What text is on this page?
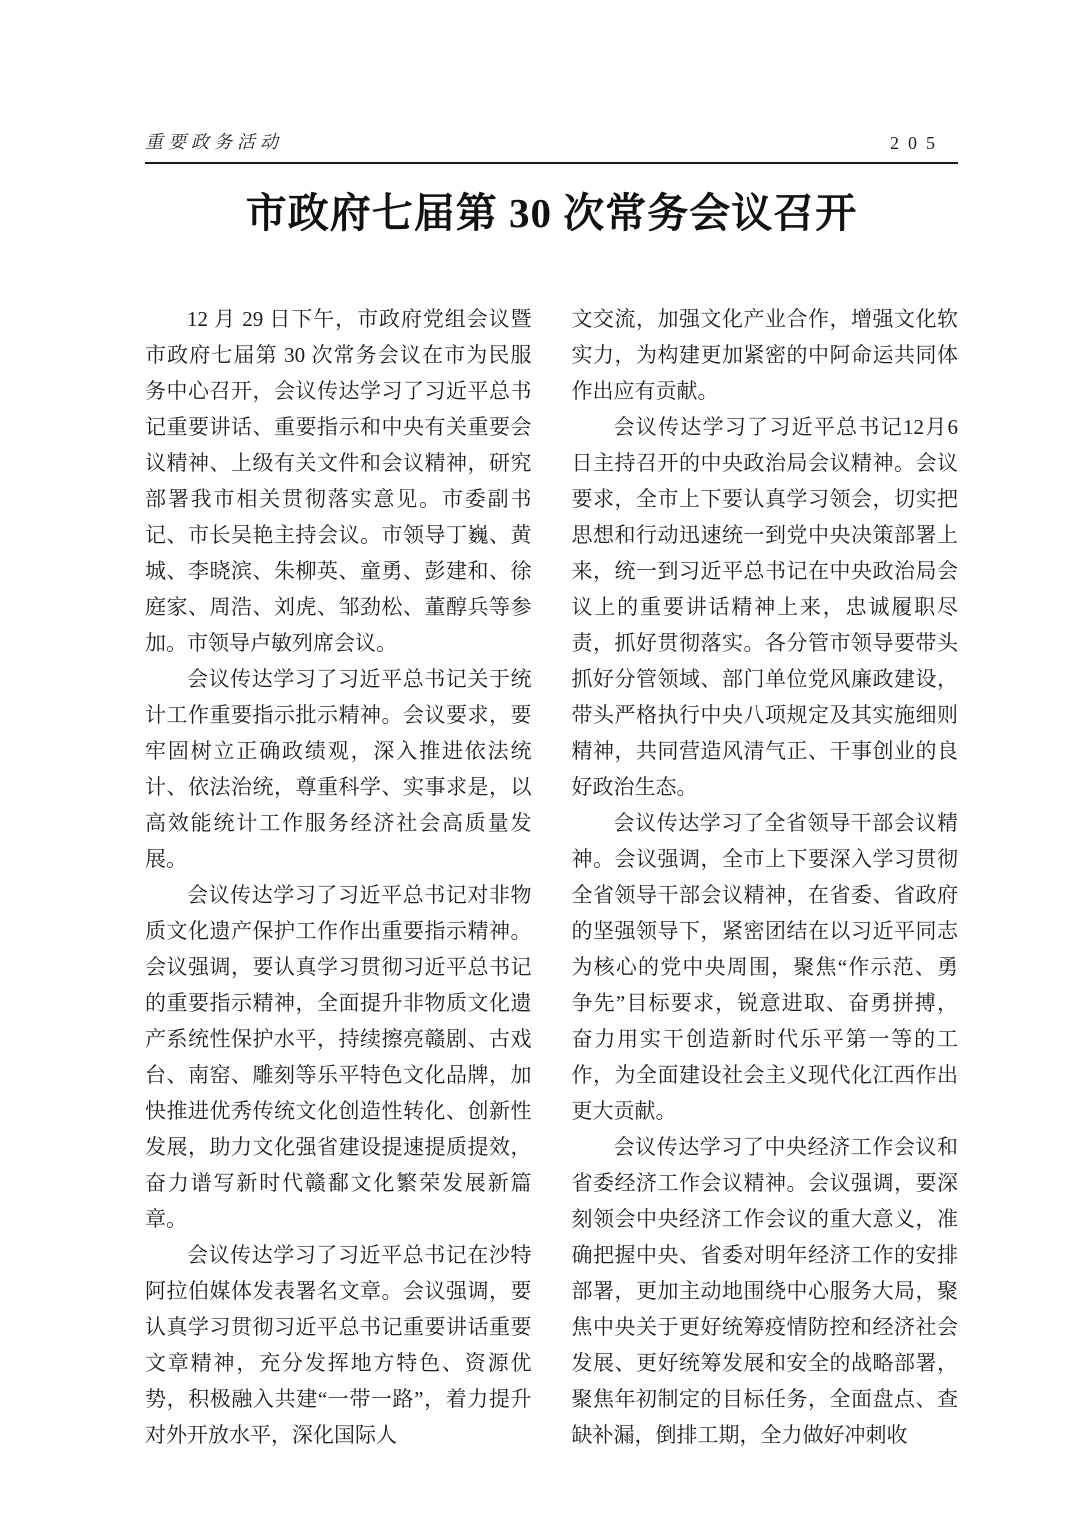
重要政务活动	205
市政府七届第 30 次常务会议召开

12 月 29 日下午，市政府党组会议暨市政府七届第 30 次常务会议在市为民服务中心召开，会议传达学习了习近平总书记重要讲话、重要指示和中央有关重要会议精神、上级有关文件和会议精神，研究部署我市相关贯彻落实意见。市委副书记、市长吴艳主持会议。市领导丁巍、黄城、李晓滨、朱柳英、童勇、彭建和、徐庭家、周浩、刘虎、邹劲松、董醇兵等参加。市领导卢敏列席会议。

会议传达学习了习近平总书记关于统计工作重要指示批示精神。会议要求，要牢固树立正确政绩观，深入推进依法统计、依法治统，尊重科学、实事求是，以高效能统计工作服务经济社会高质量发展。

会议传达学习了习近平总书记对非物质文化遗产保护工作作出重要指示精神。会议强调，要认真学习贯彻习近平总书记的重要指示精神，全面提升非物质文化遗产系统性保护水平，持续擦亮赣剧、古戏台、南窑、雕刻等乐平特色文化品牌，加快推进优秀传统文化创造性转化、创新性发展，助力文化强省建设提速提质提效，奋力谱写新时代赣鄱文化繁荣发展新篇章。

会议传达学习了习近平总书记在沙特阿拉伯媒体发表署名文章。会议强调，要认真学习贯彻习近平总书记重要讲话重要文章精神，充分发挥地方特色、资源优势，积极融入共建“一带一路”，着力提升对外开放水平，深化国际人

文交流，加强文化产业合作，增强文化软实力，为构建更加紧密的中阿命运共同体作出应有贡献。

会议传达学习了习近平总书记12月6日主持召开的中央政治局会议精神。会议要求，全市上下要认真学习领会，切实把思想和行动迅速统一到党中央决策部署上来，统一到习近平总书记在中央政治局会议上的重要讲话精神上来，忠诚履职尽责，抓好贯彻落实。各分管市领导要带头抓好分管领域、部门单位党风廉政建设，带头严格执行中央八项规定及其实施细则精神，共同营造风清气正、干事创业的良好政治生态。

会议传达学习了全省领导干部会议精神。会议强调，全市上下要深入学习贯彻全省领导干部会议精神，在省委、省政府的坚强领导下，紧密团结在以习近平同志为核心的党中央周围，聚焦“作示范、勇争先”目标要求，锐意进取、奋勇拼搏，奋力用实干创造新时代乐平第一等的工作，为全面建设社会主义现代化江西作出更大贡献。

会议传达学习了中央经济工作会议和省委经济工作会议精神。会议强调，要深刻领会中央经济工作会议的重大意义，准确把握中央、省委对明年经济工作的安排部署，更加主动地围绕中心服务大局，聚焦中央关于更好统筹疫情防控和经济社会发展、更好统筹发展和安全的战略部署，聚焦年初制定的目标任务，全面盘点、查缺补漏，倒排工期，全力做好冲刺收
